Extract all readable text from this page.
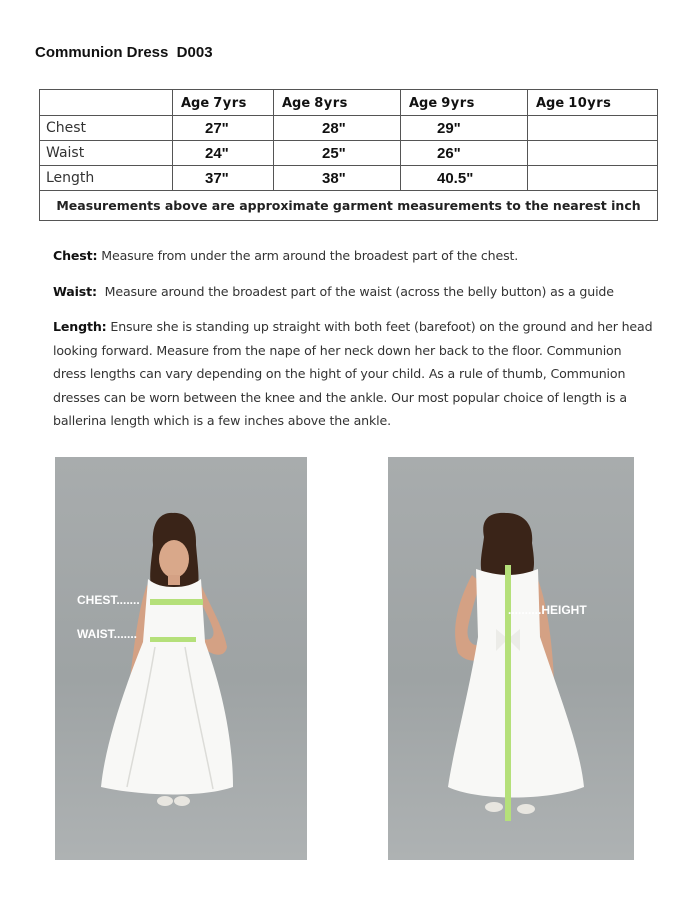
Communion Dress  D003
	Age 7yrs	Age 8yrs	Age 9yrs	Age 10yrs
Chest	27"	28"	29"	
Waist	24"	25"	26"	
Length	37"	38"	40.5"	
Measurements above are approximate garment measurements to the nearest inch				
Chest: Measure from under the arm around the broadest part of the chest.
Waist:  Measure around the broadest part of the waist (across the belly button) as a guide
Length: Ensure she is standing up straight with both feet (barefoot) on the ground and her head looking forward. Measure from the nape of her neck down her back to the floor. Communion dress lengths can vary depending on the hight of your child. As a rule of thumb, Communion dresses can be worn between the knee and the ankle. Our most popular choice of length is a ballerina length which is a few inches above the ankle.
CHEST.......
WAIST.......
..........HEIGHT
